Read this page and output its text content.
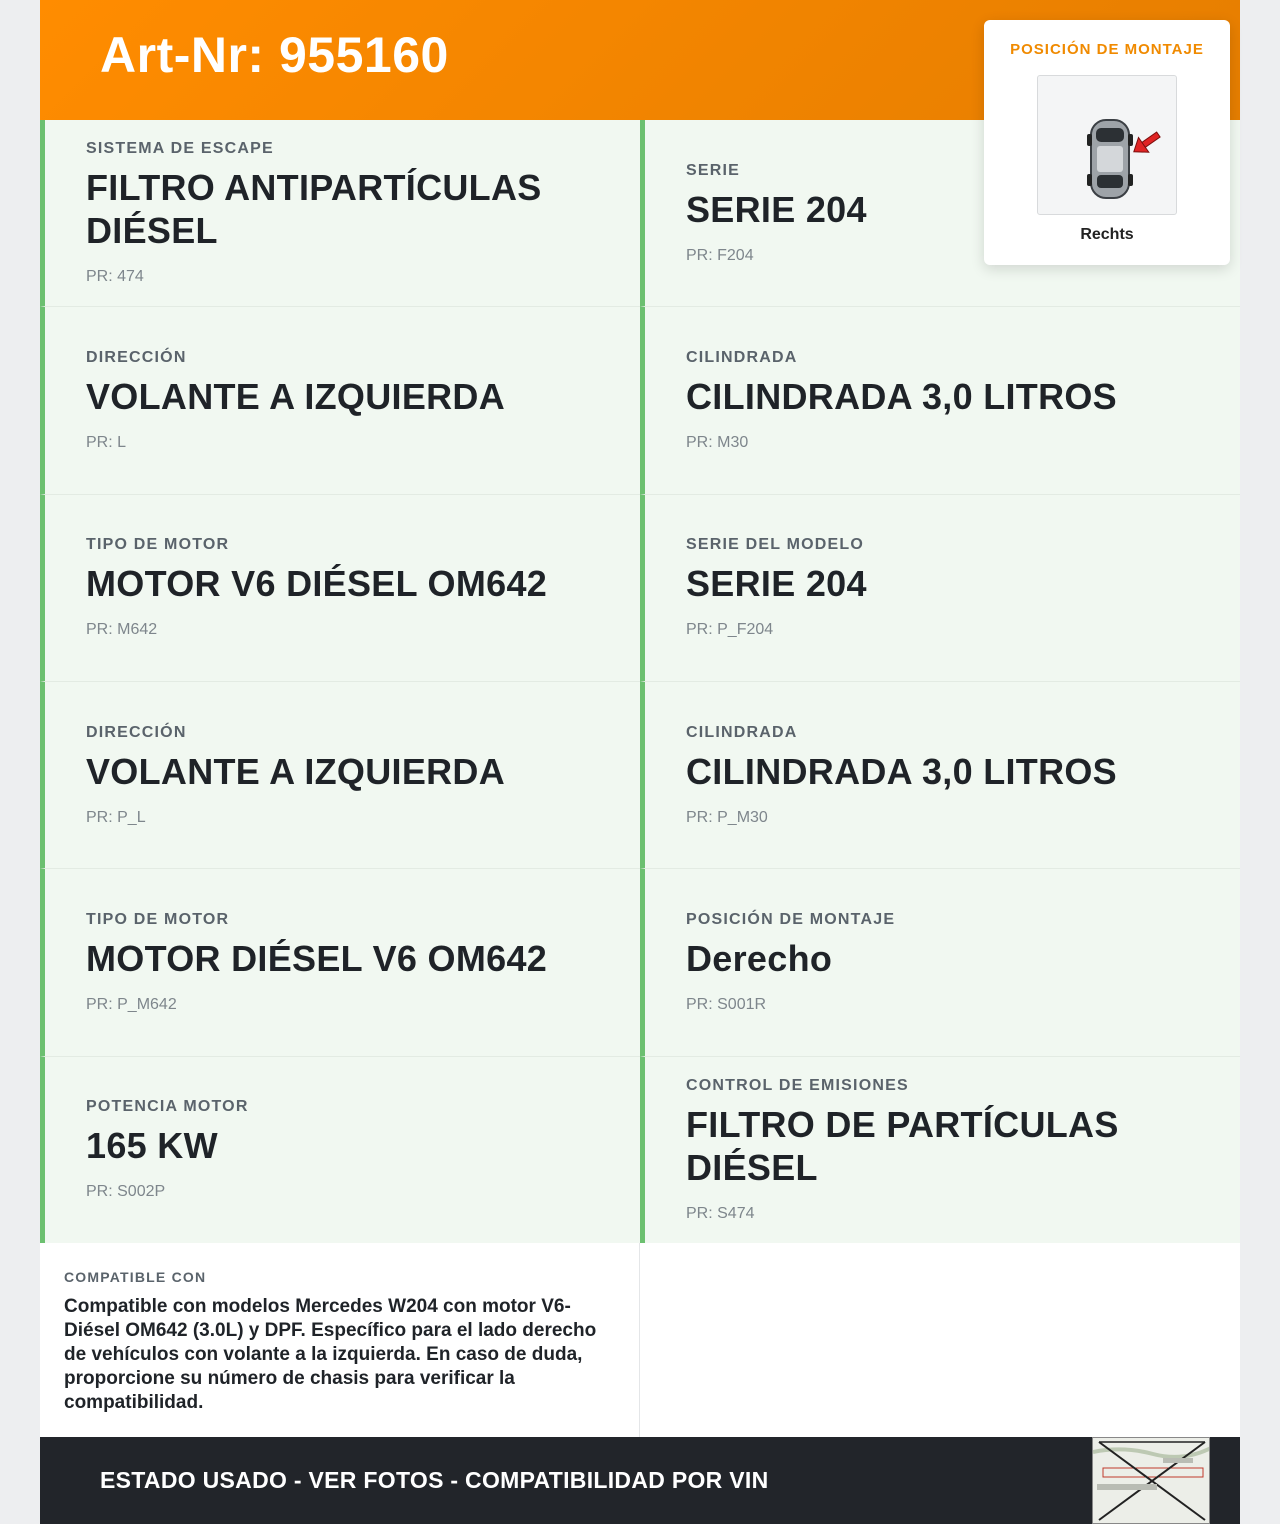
Art-Nr: 955160
SISTEMA DE ESCAPE
FILTRO ANTIPARTÍCULAS DIÉSEL
PR: 474
DIRECCIÓN
VOLANTE A IZQUIERDA
PR: L
TIPO DE MOTOR
MOTOR V6 DIÉSEL OM642
PR: M642
DIRECCIÓN
VOLANTE A IZQUIERDA
PR: P_L
TIPO DE MOTOR
MOTOR DIÉSEL V6 OM642
PR: P_M642
POTENCIA MOTOR
165 KW
PR: S002P
SERIE
SERIE 204
PR: F204
CILINDRADA
CILINDRADA 3,0 LITROS
PR: M30
SERIE DEL MODELO
SERIE 204
PR: P_F204
CILINDRADA
CILINDRADA 3,0 LITROS
PR: P_M30
POSICIÓN DE MONTAJE
Derecho
PR: S001R
CONTROL DE EMISIONES
FILTRO DE PARTÍCULAS DIÉSEL
PR: S474
POSICIÓN DE MONTAJE
Rechts
COMPATIBLE CON
Compatible con modelos Mercedes W204 con motor V6-Diésel OM642 (3.0L) y DPF. Específico para el lado derecho de vehículos con volante a la izquierda. En caso de duda, proporcione su número de chasis para verificar la compatibilidad.
ESTADO USADO - VER FOTOS - COMPATIBILIDAD POR VIN
